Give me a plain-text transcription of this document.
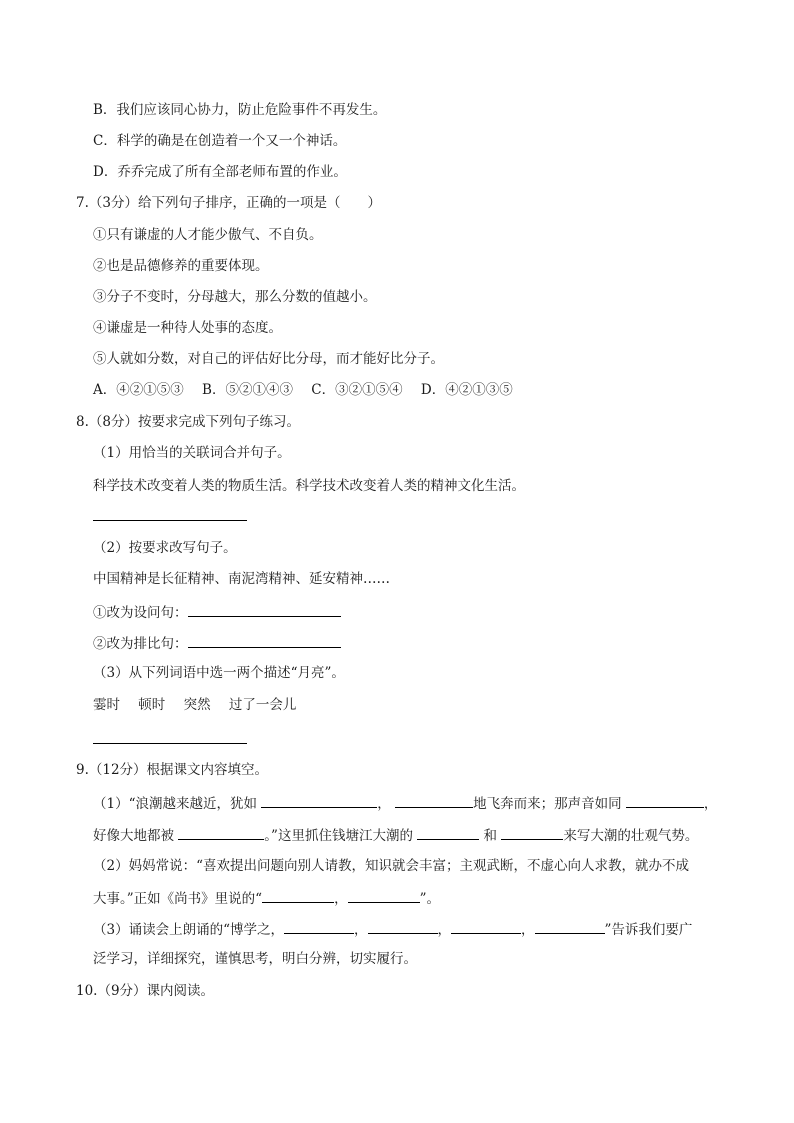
B．我们应该同心协力，防止危险事件不再发生。
C．科学的确是在创造着一个又一个神话。
D．乔乔完成了所有全部老师布置的作业。
7.（3分）给下列句子排序，正确的一项是（　　）
①只有谦虚的人才能少傲气、不自负。
②也是品德修养的重要体现。
③分子不变时，分母越大，那么分数的值越小。
④谦虚是一种待人处事的态度。
⑤人就如分数，对自己的评估好比分母，而才能好比分子。
A．④②①⑤③ B．⑤②①④③ C．③②①⑤④ D．④②①③⑤
8.（8分）按要求完成下列句子练习。
（1）用恰当的关联词合并句子。
科学技术改变着人类的物质生活。科学技术改变着人类的精神文化生活。
（2）按要求改写句子。
中国精神是长征精神、南泥湾精神、延安精神……
①改为设问句：
②改为排比句：
（3）从下列词语中选一两个描述“月亮”。
霎时 顿时 突然 过了一会儿
9.（12分）根据课文内容填空。
（1）“浪潮越来越近，犹如	，	地飞奔而来；那声音如同	，
好像大地都被	。”这里抓住钱塘江大潮的	和	来写大潮的壮观气势。
（2）妈妈常说：“喜欢提出问题向别人请教，知识就会丰富；主观武断，不虚心向人求教，就办不成
大事。”正如《尚书》里说的“	，	”。
（3）诵读会上朗诵的“博学之，	，	，	，	”告诉我们要广
泛学习，详细探究，谨慎思考，明白分辨，切实履行。
10.（9分）课内阅读。
